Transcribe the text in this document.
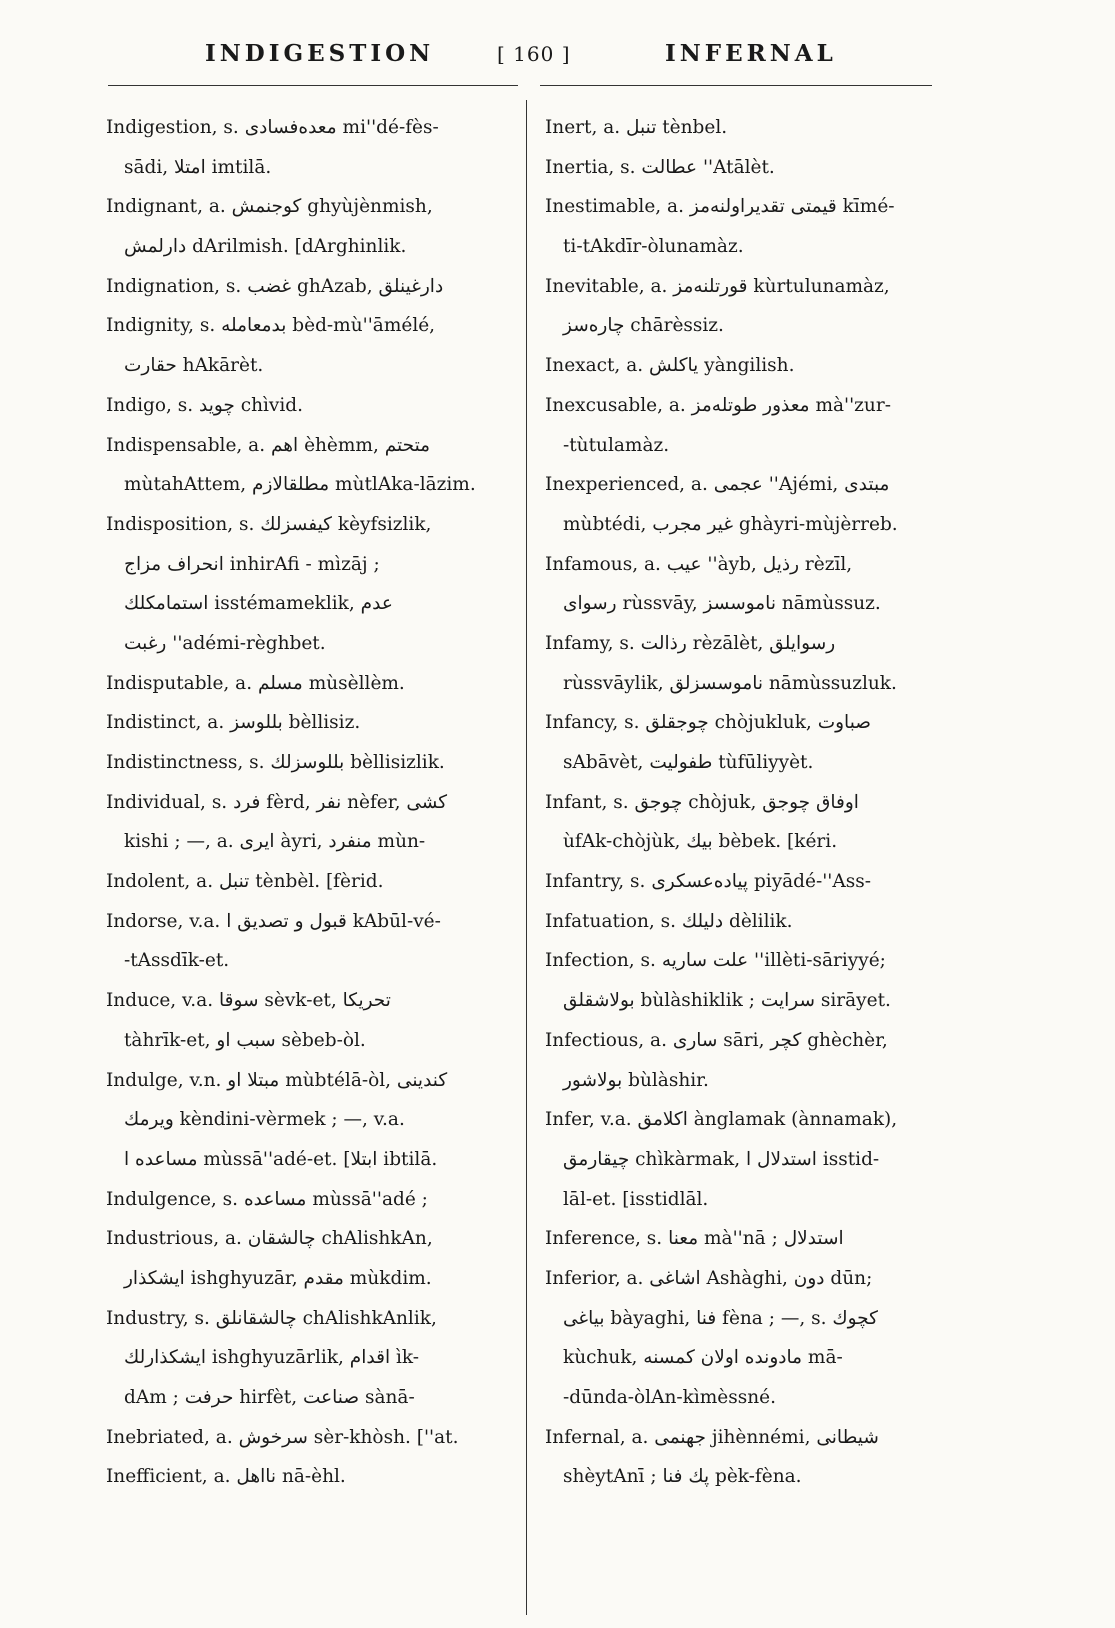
INDIGESTION	[ 160 ]	INFERNAL
Indigestion, s. معدەفسادی mi''dé-fès-
sādi, امتلا imtilā.
Indignant, a. کوجنمش ghyùjènmish,
دارلمش dArilmish. [dArghinlik.
Indignation, s. غضب ghAzab, دارغینلق
Indignity, s. بدمعامله bèd-mù''āmélé,
حقارت hAkārèt.
Indigo, s. چوید chìvid.
Indispensable, a. اهم èhèmm, متحتم
mùtahAttem, مطلقالازم mùtlAka-lāzim.
Indisposition, s. کیفسزلك kèyfsizlik,
انحراف مزاج inhirAfi - mìzāj ;
استمامکلك isstémameklik, عدم
رغبت ''adémi-règhbet.
Indisputable, a. مسلم mùsèllèm.
Indistinct, a. بللوسز bèllisiz.
Indistinctness, s. بللوسزلك bèllisizlik.
Individual, s. فرد fèrd, نفر nèfer, کشی
kishi ; —, a. ایری àyri, منفرد mùn-
Indolent, a. تنبل tènbèl. [fèrid.
Indorse, v.a. قبول و تصدیق ا kAbūl-vé-
-tAssdīk-et.
Induce, v.a. سوقا sèvk-et, تحریكا
tàhrīk-et, سبب او sèbeb-òl.
Indulge, v.n. مبتلا او mùbtélā-òl, کندینی
ویرمك kèndini-vèrmek ; —, v.a.
مساعدە ا mùssā''adé-et. [ابتلا ibtilā.
Indulgence, s. مساعدە mùssā''adé ;
Industrious, a. چالشقان chAlishkAn,
ایشکذار ishghyuzār, مقدم mùkdim.
Industry, s. چالشقانلق chAlishkAnlik,
ایشکذارلك ishghyuzārlik, اقدام ìk-
dAm ; حرفت hirfèt, صناعت sànā-
Inebriated, a. سرخوش sèr-khòsh. [''at.
Inefficient, a. نااهل nā-èhl.
Inert, a. تنبل tènbel.
Inertia, s. عطالت ''Atālèt.
Inestimable, a. قیمتی تقدیراولنەمز kīmé-
ti-tAkdīr-òlunamàz.
Inevitable, a. قورتلنەمز kùrtulunamàz,
چارەسز chārèssiz.
Inexact, a. یاکلش yàngilish.
Inexcusable, a. معذور طوتلەمز mà''zur-
-tùtulamàz.
Inexperienced, a. عجمی ''Ajémi, مبتدی
mùbtédi, غیر مجرب ghàyri-mùjèrreb.
Infamous, a. عیب ''àyb, رذیل rèzīl,
رسوای rùssvāy, ناموسسز nāmùssuz.
Infamy, s. رذالت rèzālèt, رسوایلق
rùssvāylik, ناموسسزلق nāmùssuzluk.
Infancy, s. چوجقلق chòjukluk, صباوت
sAbāvèt, طفولیت tùfūliyyèt.
Infant, s. چوجق chòjuk, اوفاق چوجق
ùfAk-chòjùk, بیك bèbek. [kéri.
Infantry, s. پیادەعسکری piyādé-''Ass-
Infatuation, s. دلیلك dèlilik.
Infection, s. علت ساریه ''illèti-sāriyyé;
بولاشقلق bùlàshiklik ; سرایت sirāyet.
Infectious, a. ساری sāri, کچر ghèchèr,
بولاشور bùlàshir.
Infer, v.a. اکلامق ànglamak (ànnamak),
چیقارمق chìkàrmak, استدلال ا isstid-
lāl-et. [isstidlāl.
Inference, s. معنا mà''nā ; استدلال
Inferior, a. اشاغی Ashàghi, دون dūn;
بیاغی bàyaghi, فنا fèna ; —, s. کچوك
kùchuk, مادوندە اولان کمسنه mā-
-dūnda-òlAn-kìmèssné.
Infernal, a. جهنمی jihènnémi, شیطانی
shèytAnī ; پك فنا pèk-fèna.
